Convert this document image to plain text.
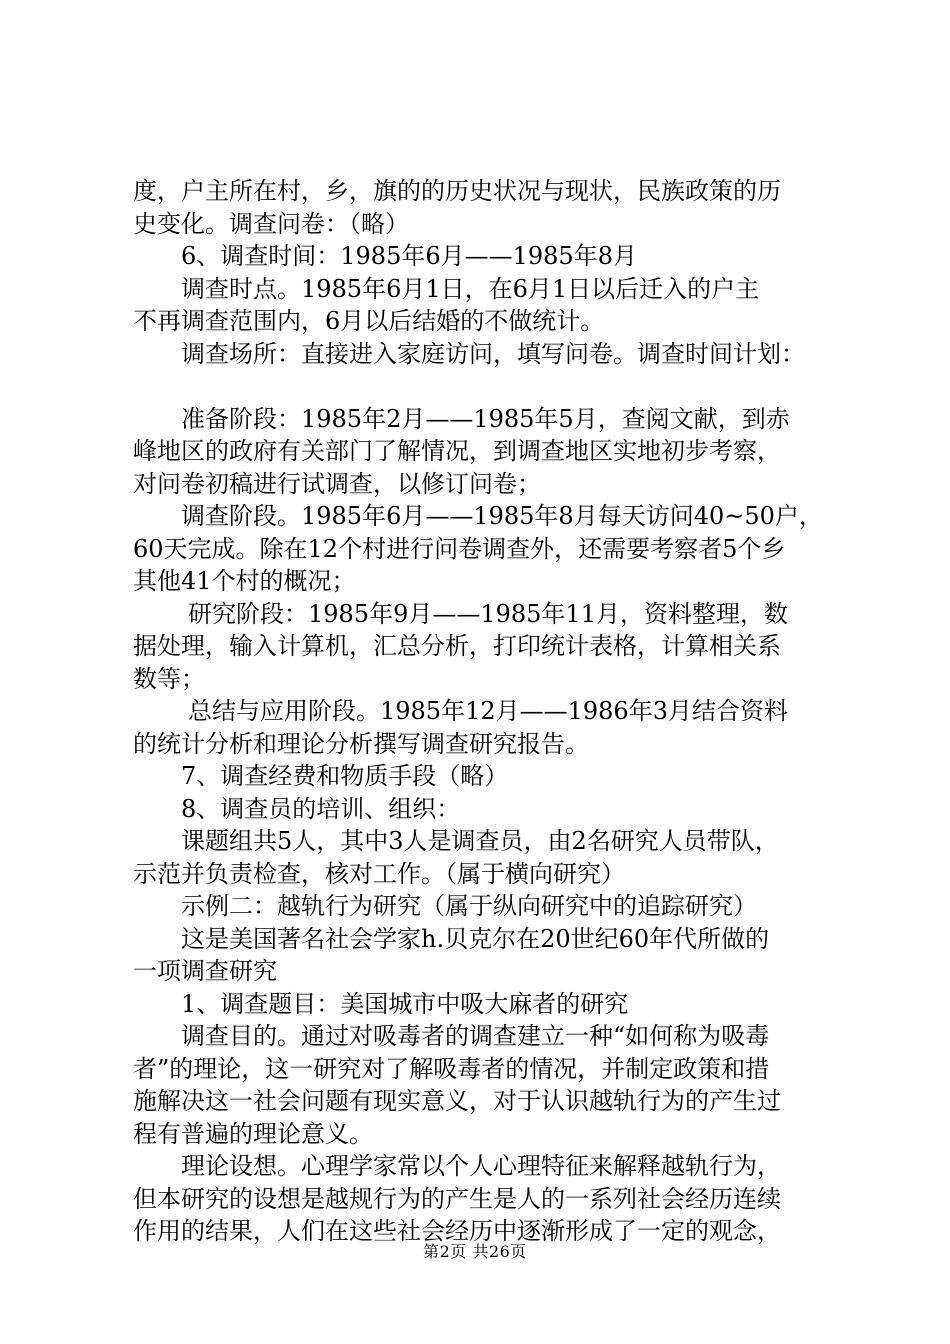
度，户主所在村，乡，旗的的历史状况与现状，民族政策的历
史变化。调查问卷：（略）
6、调查时间：1985年6月——1985年8月
调查时点。1985年6月1日，在6月1日以后迁入的户主
不再调查范围内，6月以后结婚的不做统计。
调查场所：直接进入家庭访问，填写问卷。调查时间计划：
准备阶段：1985年2月——1985年5月，查阅文献，到赤
峰地区的政府有关部门了解情况，到调查地区实地初步考察，
对问卷初稿进行试调查，以修订问卷；
调查阶段。1985年6月——1985年8月每天访问40~50户，
60天完成。除在12个村进行问卷调查外，还需要考察者5个乡
其他41个村的概况；
研究阶段：1985年9月——1985年11月，资料整理，数
据处理，输入计算机，汇总分析，打印统计表格，计算相关系
数等；
总结与应用阶段。1985年12月——1986年3月结合资料
的统计分析和理论分析撰写调查研究报告。
7、调查经费和物质手段（略）
8、调查员的培训、组织：
课题组共5人，其中3人是调查员，由2名研究人员带队，
示范并负责检查，核对工作。（属于横向研究）
示例二：越轨行为研究（属于纵向研究中的追踪研究）
这是美国著名社会学家h.贝克尔在20世纪60年代所做的
一项调查研究
1、调查题目：美国城市中吸大麻者的研究
调查目的。通过对吸毒者的调查建立一种“如何称为吸毒
者”的理论，这一研究对了解吸毒者的情况，并制定政策和措
施解决这一社会问题有现实意义，对于认识越轨行为的产生过
程有普遍的理论意义。
理论设想。心理学家常以个人心理特征来解释越轨行为，
但本研究的设想是越规行为的产生是人的一系列社会经历连续
作用的结果，人们在这些社会经历中逐渐形成了一定的观念，
第2页 共26页
